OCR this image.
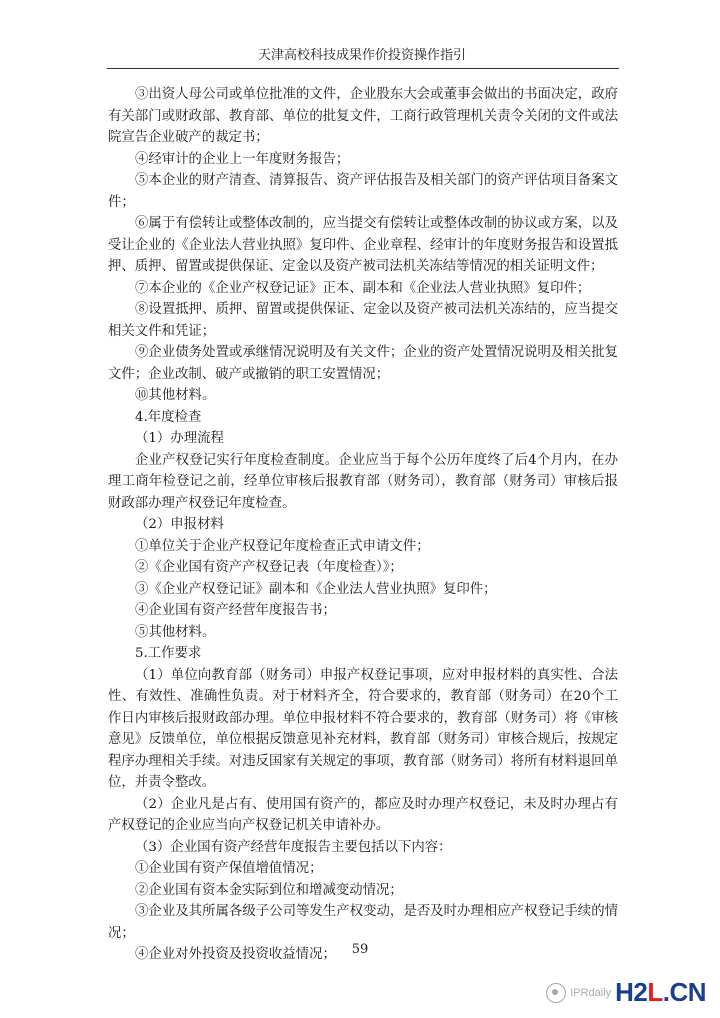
天津高校科技成果作价投资操作指引

③出资人母公司或单位批准的文件，企业股东大会或董事会做出的书面决定，政府有关部门或财政部、教育部、单位的批复文件，工商行政管理机关责令关闭的文件或法院宣告企业破产的裁定书；

④经审计的企业上一年度财务报告；

⑤本企业的财产清查、清算报告、资产评估报告及相关部门的资产评估项目备案文件；

⑥属于有偿转让或整体改制的，应当提交有偿转让或整体改制的协议或方案，以及受让企业的《企业法人营业执照》复印件、企业章程、经审计的年度财务报告和设置抵押、质押、留置或提供保证、定金以及资产被司法机关冻结等情况的相关证明文件；

⑦本企业的《企业产权登记证》正本、副本和《企业法人营业执照》复印件；

⑧设置抵押、质押、留置或提供保证、定金以及资产被司法机关冻结的，应当提交相关文件和凭证；

⑨企业债务处置或承继情况说明及有关文件；企业的资产处置情况说明及相关批复文件；企业改制、破产或撤销的职工安置情况；

⑩其他材料。

4.年度检查

（1）办理流程

企业产权登记实行年度检查制度。企业应当于每个公历年度终了后4个月内，在办理工商年检登记之前，经单位审核后报教育部（财务司），教育部（财务司）审核后报财政部办理产权登记年度检查。

（2）申报材料

①单位关于企业产权登记年度检查正式申请文件；

②《企业国有资产产权登记表（年度检查）》；

③《企业产权登记证》副本和《企业法人营业执照》复印件；

④企业国有资产经营年度报告书；

⑤其他材料。

5.工作要求

（1）单位向教育部（财务司）申报产权登记事项，应对申报材料的真实性、合法性、有效性、准确性负责。对于材料齐全，符合要求的，教育部（财务司）在20个工作日内审核后报财政部办理。单位申报材料不符合要求的，教育部（财务司）将《审核意见》反馈单位，单位根据反馈意见补充材料，教育部（财务司）审核合规后，按规定程序办理相关手续。对违反国家有关规定的事项，教育部（财务司）将所有材料退回单位，并责令整改。

（2）企业凡是占有、使用国有资产的，都应及时办理产权登记，未及时办理占有产权登记的企业应当向产权登记机关申请补办。

（3）企业国有资产经营年度报告主要包括以下内容：

①企业国有资产保值增值情况；

②企业国有资本金实际到位和增减变动情况；

③企业及其所属各级子公司等发生产权变动，是否及时办理相应产权登记手续的情况；

④企业对外投资及投资收益情况；	59
IPRdaily H2L.CN
